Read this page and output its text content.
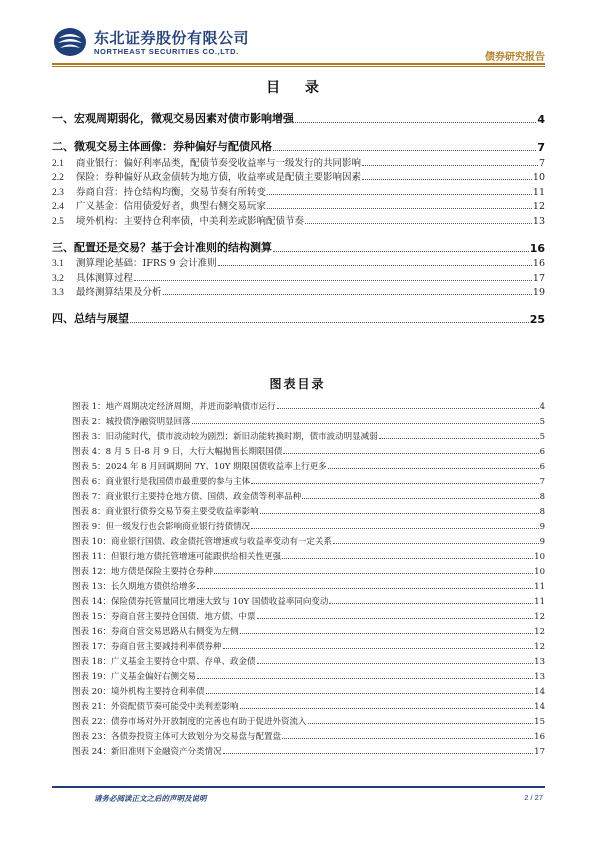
东北证券股份有限公司
NORTHEAST SECURITIES CO.,LTD.
债券研究报告
目 录
一、宏观周期弱化，微观交易因素对债市影响增强	4
二、微观交易主体画像：券种偏好与配债风格	7
2.1 商业银行：偏好利率品类，配债节奏受收益率与一级发行的共同影响	7
2.2 保险：券种偏好从政金债转为地方债，收益率或是配债主要影响因素	10
2.3 券商自营：持仓结构均衡，交易节奏有所转变	11
2.4 广义基金：信用债爱好者，典型右侧交易玩家	12
2.5 境外机构：主要持仓利率债，中美利差或影响配债节奏	13
三、配置还是交易？基于会计准则的结构测算	16
3.1 测算理论基础：IFRS 9 会计准则	16
3.2 具体测算过程	17
3.3 最终测算结果及分析	19
四、总结与展望	25
图表目录
图表 1：地产周期决定经济周期，并进而影响债市运行	4
图表 2：城投债净融资明显回落	5
图表 3：旧动能时代，债市波动较为剧烈；新旧动能转换时期，债市波动明显减弱	5
图表 4：8 月 5 日-8 月 9 日，大行大幅抛售长期限国债	6
图表 5：2024 年 8 月回调期间 7Y、10Y 期限国债收益率上行更多	6
图表 6：商业银行是我国债市最重要的参与主体	7
图表 7：商业银行主要持仓地方债、国债、政金债等利率品种	8
图表 8：商业银行债券交易节奏主要受收益率影响	8
图表 9：但一级发行也会影响商业银行持债情况	9
图表 10：商业银行国债、政金债托管增速或与收益率变动有一定关系	9
图表 11：但银行地方债托管增速可能跟供给相关性更强	10
图表 12：地方债是保险主要持仓券种	10
图表 13：长久期地方债供给增多	11
图表 14：保险债券托管量同比增速大致与 10Y 国债收益率同向变动	11
图表 15：券商自营主要持仓国债、地方债、中票	12
图表 16：券商自营交易思路从右侧变为左侧	12
图表 17：券商自营主要减持利率债券种	12
图表 18：广义基金主要持仓中票、存单、政金债	13
图表 19：广义基金偏好右侧交易	13
图表 20：境外机构主要持仓利率债	14
图表 21：外资配债节奏可能受中美利差影响	14
图表 22：债券市场对外开放制度的完善也有助于促进外资流入	15
图表 23：各债券投资主体可大致划分为交易盘与配置盘	16
图表 24：新旧准则下金融资产分类情况	17
请务必阅读正文之后的声明及说明	2 / 27
